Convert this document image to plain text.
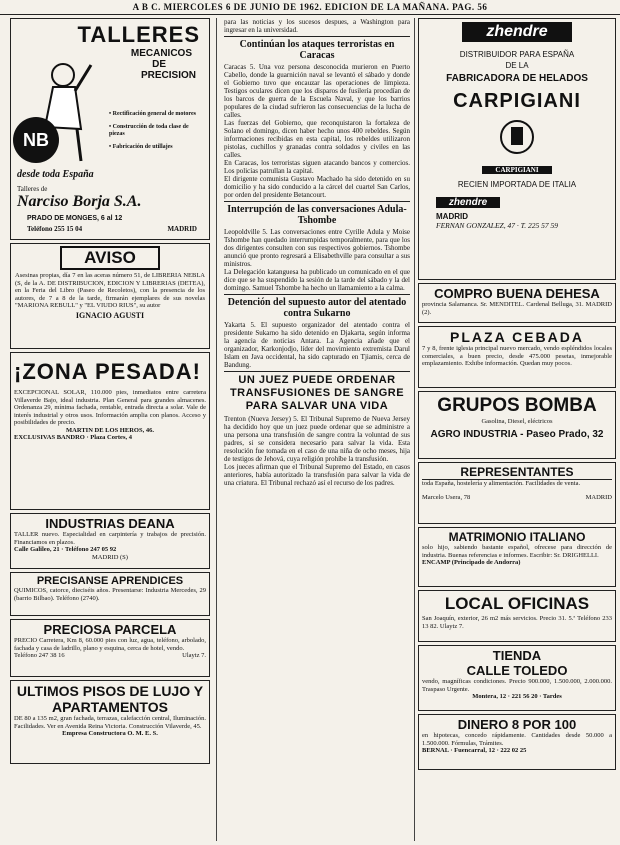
A B C. MIERCOLES 6 DE JUNIO DE 1962. EDICION DE LA MAÑANA. PAG. 56
TALLERES
MECANICOS
DE
PRECISION
NB
• Rectificación general de motores
• Construcción de toda clase de piezas
• Fabricación de utillajes
desde toda España
Talleres de
Narciso Borja S.A.
PRADO DE MONGES, 6 al 12
Teléfono 255 15 04	MADRID
AVISO
Asesinas propias, día 7 en las aceras número 51, de LIBRERIA NEBLA (S, de la A. DE DISTRIBUCION, EDICION Y LIBRERIAS (DETEA), en la Feria del Libro (Paseo de Recoletos), con la presencia de los autores, de 7 a 8 de la tarde, firmarán ejemplares de sus novelas "MARIONA REBULL" y "EL VIUDO RIUS", su autor
IGNACIO AGUSTI
¡ZONA PESADA!
EXCEPCIONAL SOLAR, 110.000 pies, inmediatos entre carretera Villaverde Bajo, ideal industria. Plan General para grandes almacenes. Ordenanza 29, mínima fachada, rentable, entrada directa a solar. Vale de interés industrial y otros usos. Información amplia con planos. Acceso y posibilidades de precio.
MARTIN DE LOS HEROS, 46.
EXCLUSIVAS BANDRO · Plaza Cortes, 4
INDUSTRIAS DEANA
TALLER nuevo. Especialidad en carpintería y trabajos de precisión. Financiamos en plazos.
Calle Galileo, 21 · Teléfono 247 05 92
MADRID (S)
PRECISANSE APRENDICES
QUIMICOS, catorce, dieciséis años. Presentarse: Industria Mercedes, 29 (barrio Bilbao). Teléfono (2740).
PRECIOSA PARCELA
PRECIO Carretera, Km 8, 60.000 pies con luz, agua, teléfono, arbolado, fachada y casa de ladrillo, plano y esquina, cerca de hotel, vendo.
Teléfono 247 38 16	Ulaytz 7.
ULTIMOS PISOS DE LUJO Y APARTAMENTOS
DE 80 a 135 m2, gran fachada, terrazas, calefacción central, Iluminación. Facilidades. Ver en Avenida Reina Victoria. Construcción Vilaverde, 45.
Empresa Constructora O. M. E. S.
para las noticias y los sucesos despues, a Washington para ingresar en la universidad.
Continúan los ataques terroristas en Caracas
Caracas 5. Una voz persona desconocida murieron en Puerto Cabello, donde la guarnición naval se levantó el sábado y donde el Gobierno tuvo que encauzar las operaciones de limpieza. Testigos oculares dicen que los disparos de fusilería procedían de los barcos de guerra de la Escuela Naval, y que los barrios populares de la ciudad sufrieron las consecuencias de la lucha de calles.
Las fuerzas del Gobierno, que reconquistaron la fortaleza de Solano el domingo, dicen haber hecho unos 400 rebeldes. Según informaciones recibidas en esta capital, los rebeldes utilizaron pistolas, cuchillos y granadas contra soldados y civiles en las calles.
En Caracas, los terroristas siguen atacando bancos y comercios. Los policías patrullan la capital.
El dirigente comunista Gustavo Machado ha sido detenido en su domicilio y ha sido conducido a la cárcel del cuartel San Carlos, por orden del presidente Betancourt.
Interrupción de las conversaciones Adula-Tshombe
Leopoldville 5. Las conversaciones entre Cyrille Adula y Moise Tshombe han quedado interrumpidas temporalmente, para que los dos dirigentes consulten con sus respectivos gobiernos. Tshombe anunció que pronto regresará a Elisabethville para consultar a sus ministros.
La Delegación katanguesa ha publicado un comunicado en el que dice que se ha suspendido la sesión de la tarde del sábado y la del domingo. Samuel Tshombe ha hecho un llamamiento a la calma.
Detención del supuesto autor del atentado contra Sukarno
Yakarta 5. El supuesto organizador del atentado contra el presidente Sukarno ha sido detenido en Djakarta, según informa la agencia de noticias Antara. La Agencia añade que el organizador, Karkonjodjo, líder del movimiento extremista Darul Islam en Java occidental, ha sido capturado en Tjiamis, cerca de Bandung.
UN JUEZ PUEDE ORDENAR TRANSFUSIONES DE SANGRE PARA SALVAR UNA VIDA
Trenton (Nueva Jersey) 5. El Tribunal Supremo de Nueva Jersey ha decidido hoy que un juez puede ordenar que se administre a una persona una transfusión de sangre contra la voluntad de sus padres, si se considera necesario para salvar la vida. Esta resolución fue tomada en el caso de una niña de ocho meses, hija de testigos de Jehová, cuya religión prohíbe la transfusión.
Los jueces afirman que el Tribunal Supremo del Estado, en casos anteriores, había autorizado la transfusión para salvar la vida de una criatura. El Tribunal rechazó así el recurso de los padres.
zhendre
DISTRIBUIDOR PARA ESPAÑA
DE LA
FABRICADORA DE HELADOS
CARPIGIANI
CARPIGIANI
RECIEN IMPORTADA DE ITALIA
zhendre
MADRID
FERNAN GONZALEZ, 47 · T. 225 57 59
COMPRO BUENA DEHESA
provincia Salamanca. Sr. MENDITEL. Cardenal Belluga, 31. MADRID (2).
PLAZA CEBADA
7 y 8, frente iglesia principal nuevo mercado, vendo espléndidos locales comerciales, a buen precio, desde 475.000 pesetas, inmejorable emplazamiento. Exhibe información. Quedan muy pocos.
GRUPOS BOMBA
Gasolina, Diesel, eléctricos
AGRO INDUSTRIA - Paseo Prado, 32
REPRESENTANTES
toda España, hostelería y alimentación. Facilidades de venta.
Marcelo Usera, 78	MADRID
MATRIMONIO ITALIANO
solo hijo, sabiendo bastante español, ofrecese para dirección de industria. Buenas referencias e informes. Escribir: Sr. DRIGHELLI.
ENCAMP (Principado de Andorra)
LOCAL OFICINAS
San Joaquín, exterior, 26 m2 más servicios. Precio 31. 5.ª Teléfono 233 13 82. Ulaytz 7.
TIENDA
CALLE TOLEDO
vendo, magníficas condiciones. Precio 900.000, 1.500.000, 2.000.000. Traspaso Urgente.
Montera, 12 · 221 56 20 · Tardes
DINERO 8 POR 100
en hipotecas, concedo rápidamente. Cantidades desde 50.000 a 1.500.000. Fórmulas, Trámites.
BERNAL · Fuencarral, 12 · 222 02 25
